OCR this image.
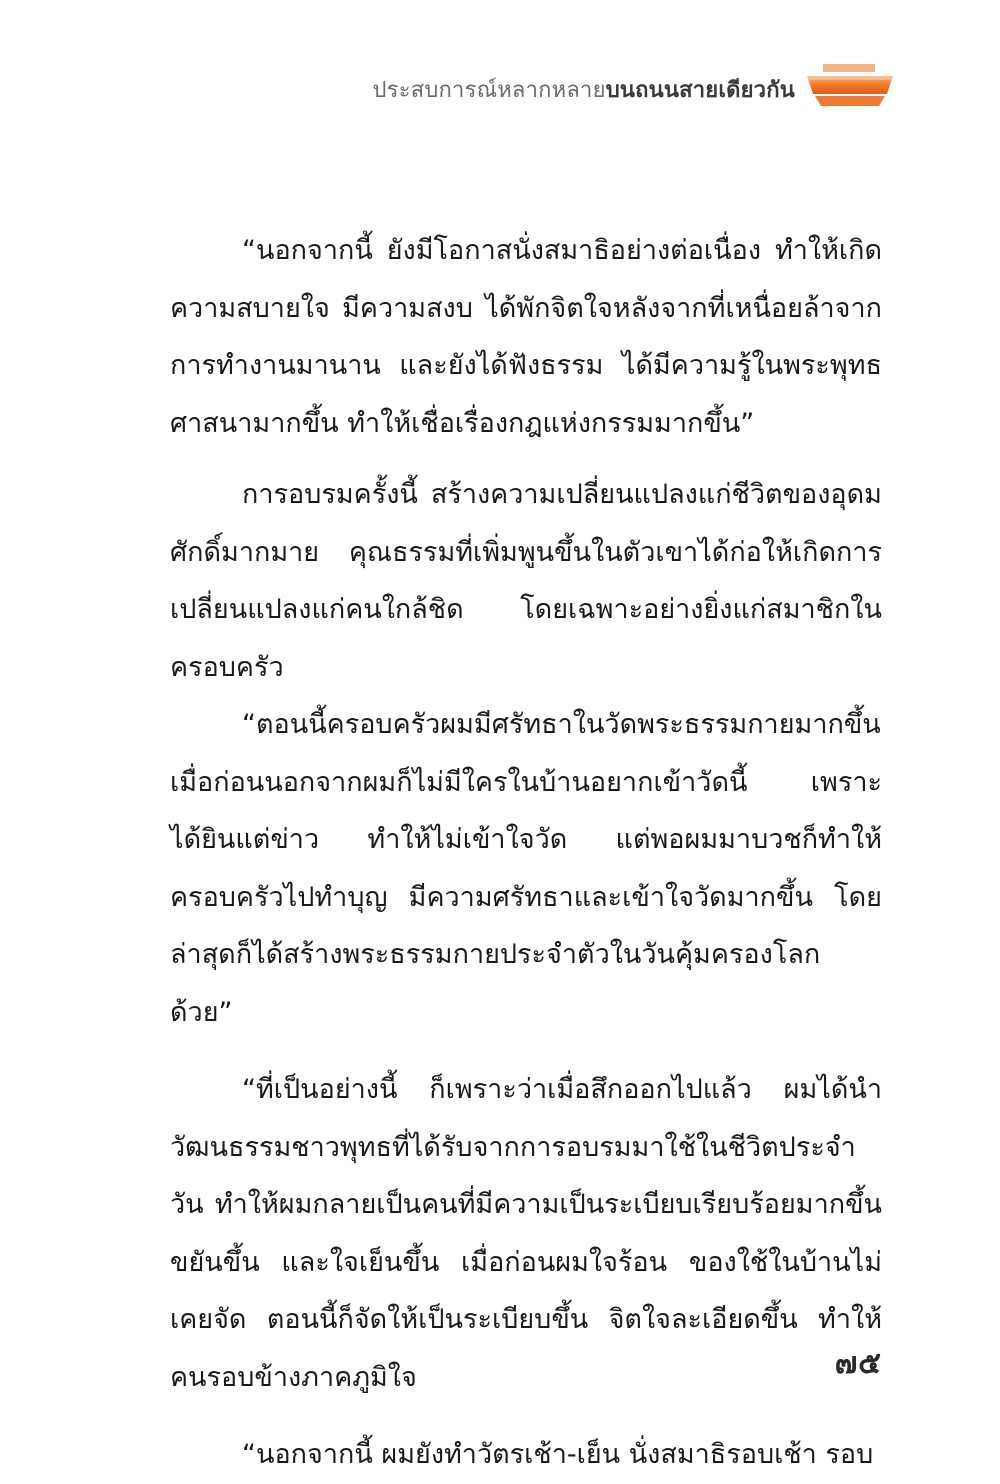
ประสบการณ์หลากหลายบนถนนสายเดียวกัน

“นอกจากนี้ ยังมีโอกาสนั่งสมาธิอย่างต่อเนื่อง ทำให้เกิดความสบายใจ มีความสงบ ได้พักจิตใจหลังจากที่เหนื่อยล้าจากการทำงานมานาน และยังได้ฟังธรรม ได้มีความรู้ในพระพุทธศาสนามากขึ้น ทำให้เชื่อเรื่องกฎแห่งกรรมมากขึ้น”

การอบรมครั้งนี้ สร้างความเปลี่ยนแปลงแก่ชีวิตของอุดมศักดิ์มากมาย คุณธรรมที่เพิ่มพูนขึ้นในตัวเขาได้ก่อให้เกิดการเปลี่ยนแปลงแก่คนใกล้ชิด โดยเฉพาะอย่างยิ่งแก่สมาชิกในครอบครัว

“ตอนนี้ครอบครัวผมมีศรัทธาในวัดพระธรรมกายมากขึ้น เมื่อก่อนนอกจากผมก็ไม่มีใครในบ้านอยากเข้าวัดนี้ เพราะได้ยินแต่ข่าว ทำให้ไม่เข้าใจวัด แต่พอผมมาบวชก็ทำให้ครอบครัวไปทำบุญ มีความศรัทธาและเข้าใจวัดมากขึ้น โดยล่าสุดก็ได้สร้างพระธรรมกายประจำตัวในวันคุ้มครองโลกด้วย”

“ที่เป็นอย่างนี้ ก็เพราะว่าเมื่อสึกออกไปแล้ว ผมได้นำวัฒนธรรมชาวพุทธที่ได้รับจากการอบรมมาใช้ในชีวิตประจำวัน ทำให้ผมกลายเป็นคนที่มีความเป็นระเบียบเรียบร้อยมากขึ้น ขยันขึ้น และใจเย็นขึ้น เมื่อก่อนผมใจร้อน ของใช้ในบ้านไม่เคยจัด ตอนนี้ก็จัดให้เป็นระเบียบขึ้น จิตใจละเอียดขึ้น ทำให้คนรอบข้างภาคภูมิใจ

“นอกจากนี้ ผมยังทำวัตรเช้า-เย็น นั่งสมาธิรอบเช้า รอบ

๗๕
